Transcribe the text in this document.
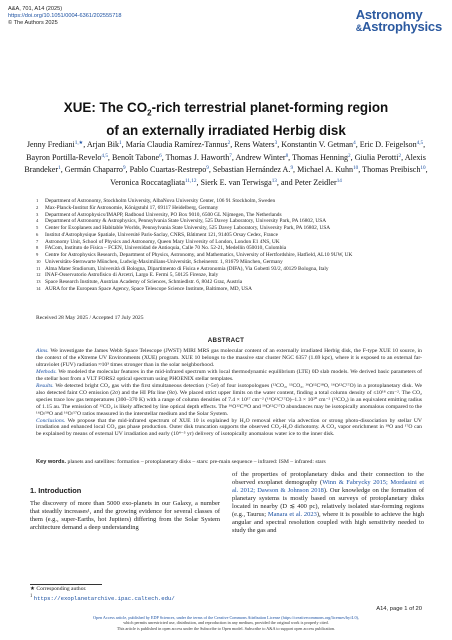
A&A, 701, A14 (2025)
https://doi.org/10.1051/0004-6361/202555718
© The Authors 2025
Astronomy
&Astrophysics
XUE: The $CO_2$-rich terrestrial planet-forming region
of an externally irradiated Herbig disk
Jenny Frediani$^{1,★}$, Arjan Bik$^1$, María Claudia Ramírez-Tannus$^2$, Rens Waters$^3$, Konstantin V. Getman$^4$, Eric D. Feigelson$^{4,5}$, Bayron Portilla-Revelo$^{4,5}$, Benoît Tabone$^6$, Thomas J. Haworth$^7$, Andrew Winter$^8$, Thomas Henning$^2$, Giulia Perotti$^2$, Alexis Brandeker$^1$, Germán Chaparro$^9$, Pablo Cuartas-Restrepo$^9$, Sebastian Hernández A.$^9$, Michael A. Kuhn$^{10}$, Thomas Preibisch$^{10}$, Veronica Roccatagliata$^{11,12}$, Sierk E. van Terwisga$^{13}$, and Peter Zeidler$^{14}$
1	Department of Astronomy, Stockholm University, AlbaNova University Center, 106 91 Stockholm, Sweden
2	Max-Planck-Institut für Astronomie, Königstuhl 17, 69117 Heidelberg, Germany
3	Department of Astrophysics/IMAPP, Radboud University, PO Box 9010, 6500 GL Nijmegen, The Netherlands
4	Department of Astronomy & Astrophysics, Pennsylvania State University, 525 Davey Laboratory, University Park, PA 16802, USA
5	Center for Exoplanets and Habitable Worlds, Pennsylvania State University, 525 Davey Laboratory, University Park, PA 16802, USA
6	Institut d'Astrophysique Spatiale, Université Paris-Saclay, CNRS, Bâtiment 121, 91405 Orsay Cedex, France
7	Astronomy Unit, School of Physics and Astronomy, Queen Mary University of London, London E1 4NS, UK
8	FACom, Instituto de Física – FCEN, Universidad de Antioquia, Calle 70 No. 52-21, Medellín 050010, Colombia
9	Centre for Astrophysics Research, Department of Physics, Astronomy, and Mathematics, University of Hertfordshire, Hatfield, AL10 9UW, UK
10 Universitäts-Sternwarte München, Ludwig-Maximilians-Universität, Scheinerstr. 1, 81679 München, Germany
11 Alma Mater Studiorum, Università di Bologna, Dipartimento di Fisica e Astronomia (DIFA), Via Gobetti 93/2, 40129 Bologna, Italy
12 INAF-Osservatorio Astrofisico di Arcetri, Largo E. Fermi 5, 50125 Firenze, Italy
13 Space Research Institute, Austrian Academy of Sciences, Schmiedlstr. 6, 8042 Graz, Austria
14 AURA for the European Space Agency, Space Telescope Science Institute, Baltimore, MD, USA
Received 28 May 2025 / Accepted 17 July 2025
ABSTRACT

Aims. We investigate the James Webb Space Telescope (JWST) MIRI MRS gas molecular content of an externally irradiated Herbig disk, the F-type XUE 10 source, in the context of the eXtreme UV Environments (XUE) program. XUE 10 belongs to the massive star cluster NGC 6357 (1.69 kpc), where it is exposed to an external far-ultraviolet (FUV) radiation ≈10³ times stronger than in the solar neighborhood.

Methods. We modeled the molecular features in the mid-infrared spectrum with local thermodynamic equilibrium (LTE) 0D slab models. We derived basic parameters of the stellar host from a VLT FORS2 optical spectrum using PHOENIX stellar templates.

Results. We detected bright CO₂ gas with the first simultaneous detection (>5σ) of four isotopologues (¹²CO₂, ¹³CO₂, ¹⁶O¹²C¹⁸O, ¹⁶O¹²C¹⁷O) in a protoplanetary disk. We also detected faint CO emission (2σ) and the HI Pfα line (8σ). We placed strict upper limits on the water content, finding a total column density of ≤10¹⁸ cm⁻². The CO₂ species trace low gas temperatures (300–370 K) with a range of column densities of 7.4 × 10¹⁷ cm⁻² (¹⁶O¹²C¹⁷O)–1.3 × 10²⁰ cm⁻² (¹²CO₂) in an equivalent emitting radius of 1.15 au. The emission of ¹²CO₂ is likely affected by line optical depth effects. The ¹⁶O¹²C¹⁸O and ¹⁶O¹²C¹⁷O abundances may be isotopically anomalous compared to the ¹⁶O/¹⁸O and ¹⁶O/¹⁷O ratios measured in the interstellar medium and the Solar System.

Conclusions. We propose that the mid-infrared spectrum of XUE 10 is explained by H₂O removal either via advection or strong photo-dissociation by stellar UV irradiation and enhanced local CO₂ gas phase production. Outer disk truncation supports the observed CO₂-H₂O dichotomy. A CO₂ vapor enrichment in ¹⁸O and ¹⁷O can be explained by means of external UV irradiation and early (10⁴⁻⁵ yr) delivery of isotopically anomalous water ice to the inner disk.

Key words. planets and satellites: formation – protoplanetary disks – stars: pre-main sequence – infrared: ISM – infrared: stars
1. Introduction
The discovery of more than 5000 exo-planets in our Galaxy, a number that steadily increases¹, and the growing evidence for several classes of them (e.g., super-Earths, hot Jupiters) differing from the Solar System architecture demand a deep understanding
of the properties of protoplanetary disks and their connection to the observed exoplanet demography (Winn & Fabrycky 2015; Mordasini et al. 2012; Dawson & Johnson 2018). Our knowledge on the formation of planetary systems is mostly based on surveys of protoplanetary disks located in nearby (D ≲ 400 pc), relatively isolated star-forming regions (e.g., Taurus; Manara et al. 2023), where it is possible to achieve the high angular and spectral resolution coupled with high sensitivity needed to study the gas and
★ Corresponding author.
$^1$ https://exoplanetarchive.ipac.caltech.edu/
A14, page 1 of 20
Open Access article, published by EDP Sciences, under the terms of the Creative Commons Attribution License (https://creativecommons.org/licenses/by/4.0),
which permits unrestricted use, distribution, and reproduction in any medium, provided the original work is properly cited.
This article is published in open access under the Subscribe to Open model. Subscribe to A&A to support open access publication.
